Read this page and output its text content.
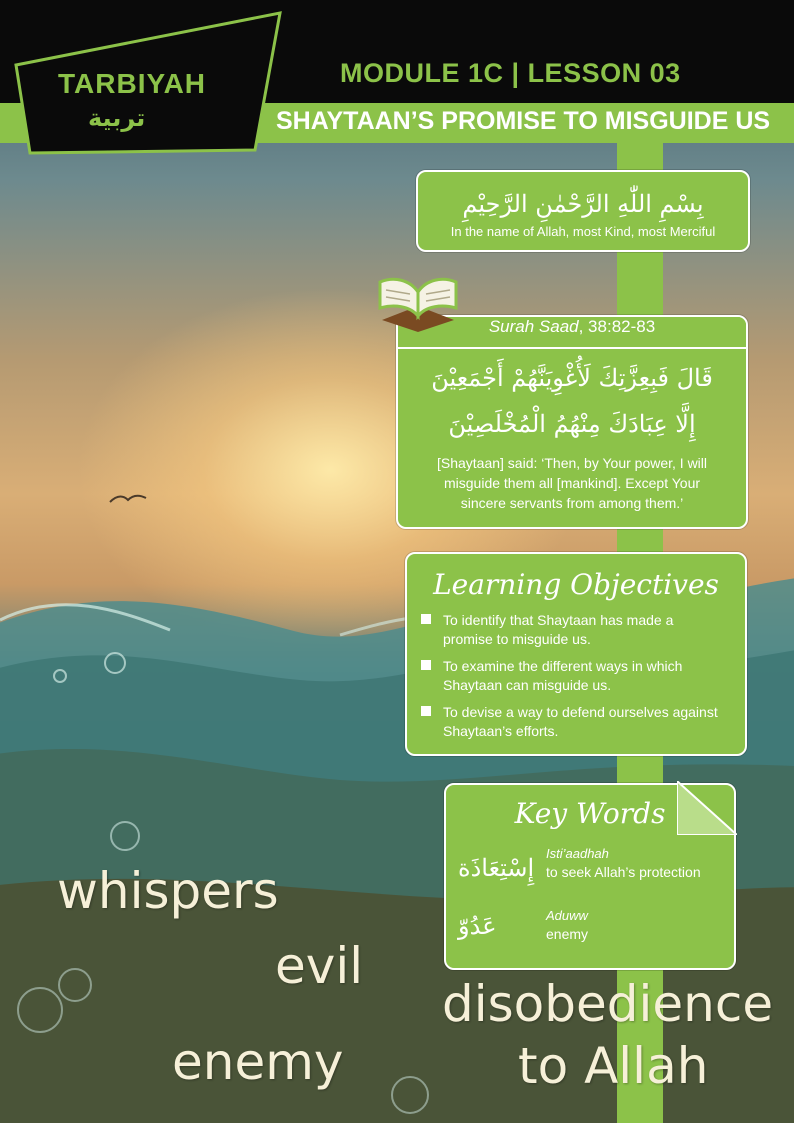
TARBIYAH
تربية
MODULE 1C | LESSON 03
SHAYTAAN’S PROMISE TO MISGUIDE US
بِسْمِ اللّٰهِ الرَّحْمٰنِ الرَّحِيْمِ
In the name of Allah, most Kind, most Merciful
Surah Saad, 38:82-83
قَالَ فَبِعِزَّتِكَ لَأُغْوِيَنَّهُمْ أَجْمَعِيْنَ
إِلَّا عِبَادَكَ مِنْهُمُ الْمُخْلَصِيْنَ
[Shaytaan] said: ‘Then, by Your power, I will
misguide them all [mankind]. Except Your
sincere servants from among them.’
Learning Objectives
To identify that Shaytaan has made a
promise to misguide us.
To examine the different ways in which
Shaytaan can misguide us.
To devise a way to defend ourselves against
Shaytaan’s efforts.
Key Words
إِسْتِعَاذَة
Isti’aadhah
to seek Allah’s protection
عَدُوّ	Aduww
enemy
whispers
evil
enemy
disobedience
to Allah
